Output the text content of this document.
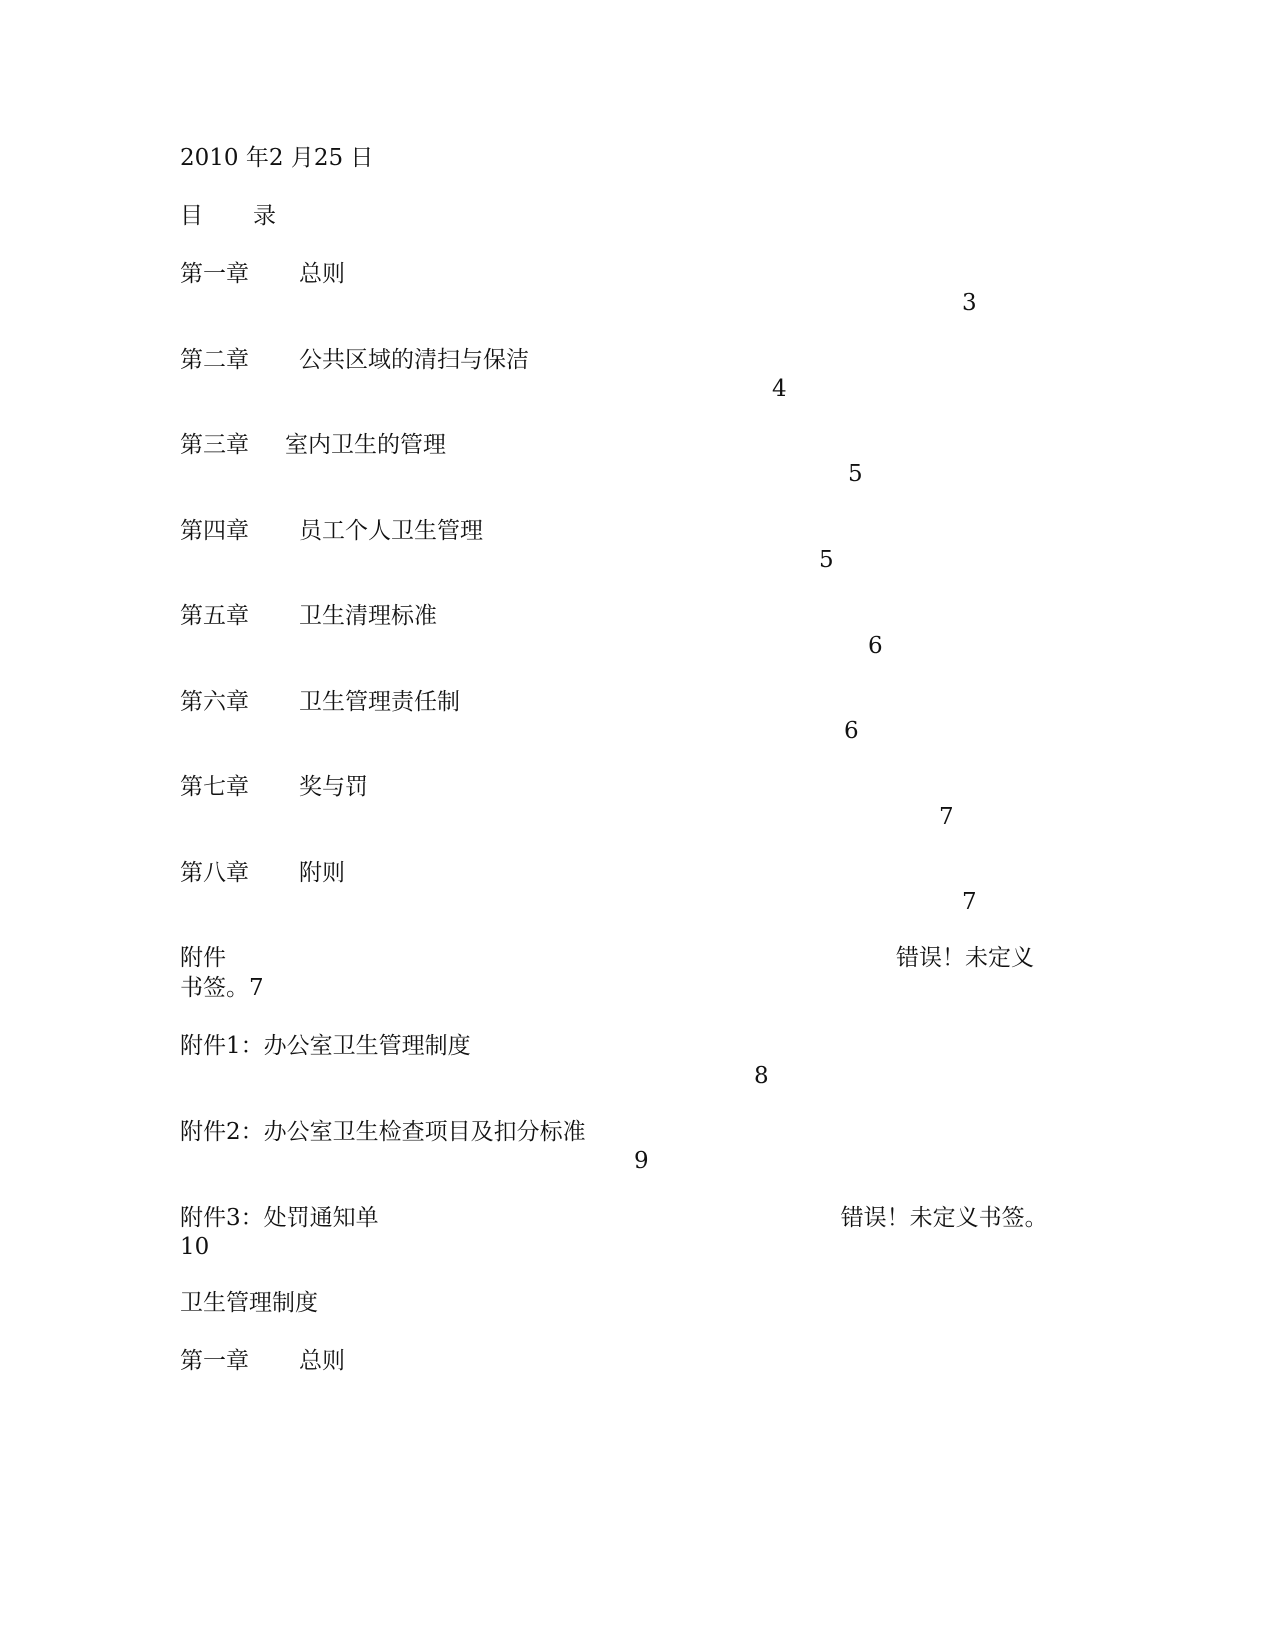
2010 年2 月25 日
目 录
第一章 总则
3
第二章 公共区域的清扫与保洁
4
第三章 室内卫生的管理
5
第四章 员工个人卫生管理
5
第五章 卫生清理标准
6
第六章 卫生管理责任制
6
第七章 奖与罚
7
第八章 附则
7
附件	错误！未定义
书签。7
附件1：办公室卫生管理制度
8
附件2：办公室卫生检查项目及扣分标准
9
附件3：处罚通知单	错误！未定义书签。
10
卫生管理制度
第一章 总则
